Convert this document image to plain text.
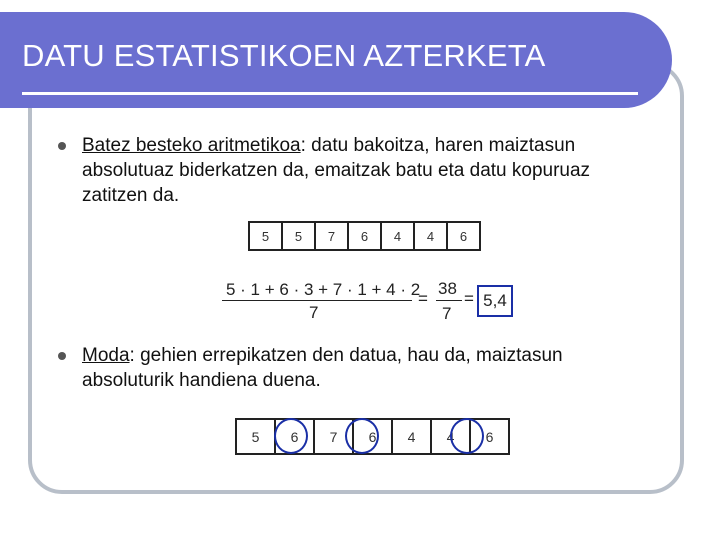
DATU ESTATISTIKOEN AZTERKETA
Batez besteko aritmetikoa: datu bakoitza, haren maiztasun
absolutuaz biderkatzen da, emaitzak batu eta datu kopuruaz
zatitzen da.
5	5	7	6	4	4	6
5 · 1 + 6 · 3 + 7 · 1 + 4 · 2
7
=
38
7
= 5,4
Moda: gehien errepikatzen den datua, hau da, maiztasun
absoluturik handiena duena.
5	6	7	6	4	4	6
